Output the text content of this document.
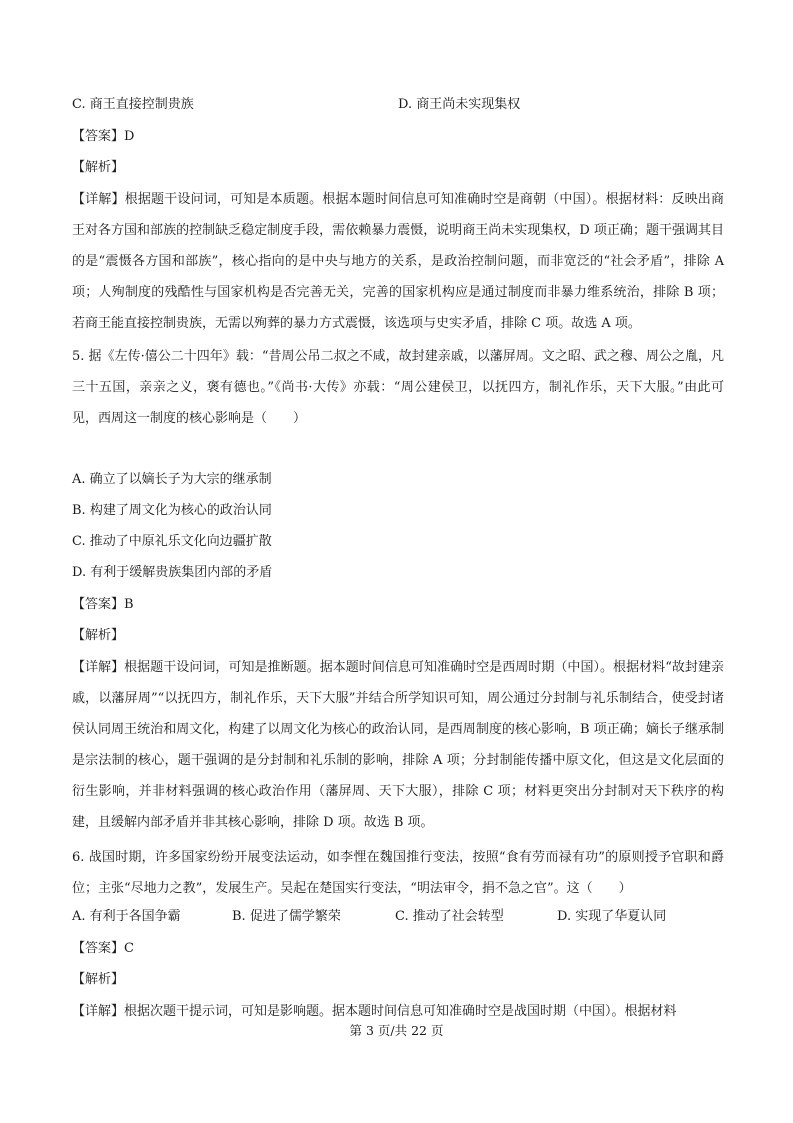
C. 商王直接控制贵族	D. 商王尚未实现集权
【答案】D
【解析】
【详解】根据题干设问词，可知是本质题。根据本题时间信息可知准确时空是商朝（中国）。根据材料：反映出商王对各方国和部族的控制缺乏稳定制度手段，需依赖暴力震慑，说明商王尚未实现集权，D 项正确；题干强调其目的是“震慑各方国和部族”，核心指向的是中央与地方的关系，是政治控制问题，而非宽泛的“社会矛盾”，排除 A 项；人殉制度的残酷性与国家机构是否完善无关，完善的国家机构应是通过制度而非暴力维系统治，排除 B 项；若商王能直接控制贵族，无需以殉葬的暴力方式震慑，该选项与史实矛盾，排除 C 项。故选 A 项。
5. 据《左传·僖公二十四年》载：“昔周公吊二叔之不咸，故封建亲戚，以藩屏周。文之昭、武之穆、周公之胤，凡三十五国，亲亲之义，褒有德也。”《尚书·大传》亦载：“周公建侯卫，以抚四方，制礼作乐，天下大服。”由此可见，西周这一制度的核心影响是（　　）
A. 确立了以嫡长子为大宗的继承制
B. 构建了周文化为核心的政治认同
C. 推动了中原礼乐文化向边疆扩散
D. 有利于缓解贵族集团内部的矛盾
【答案】B
【解析】
【详解】根据题干设问词，可知是推断题。据本题时间信息可知准确时空是西周时期（中国）。根据材料“故封建亲戚，以藩屏周”“以抚四方，制礼作乐，天下大服”并结合所学知识可知，周公通过分封制与礼乐制结合，使受封诸侯认同周王统治和周文化，构建了以周文化为核心的政治认同，是西周制度的核心影响，B 项正确；嫡长子继承制是宗法制的核心，题干强调的是分封制和礼乐制的影响，排除 A 项；分封制能传播中原文化，但这是文化层面的衍生影响，并非材料强调的核心政治作用（藩屏周、天下大服），排除 C 项；材料更突出分封制对天下秩序的构建，且缓解内部矛盾并非其核心影响，排除 D 项。故选 B 项。
6. 战国时期，许多国家纷纷开展变法运动，如李悝在魏国推行变法，按照“食有劳而禄有功”的原则授予官职和爵位；主张“尽地力之教”，发展生产。吴起在楚国实行变法，“明法审令，捐不急之官”。这（　　）
A. 有利于各国争霸	B. 促进了儒学繁荣	C. 推动了社会转型	D. 实现了华夏认同
【答案】C
【解析】
【详解】根据次题干提示词，可知是影响题。据本题时间信息可知准确时空是战国时期（中国）。根据材料
第 3 页/共 22 页
